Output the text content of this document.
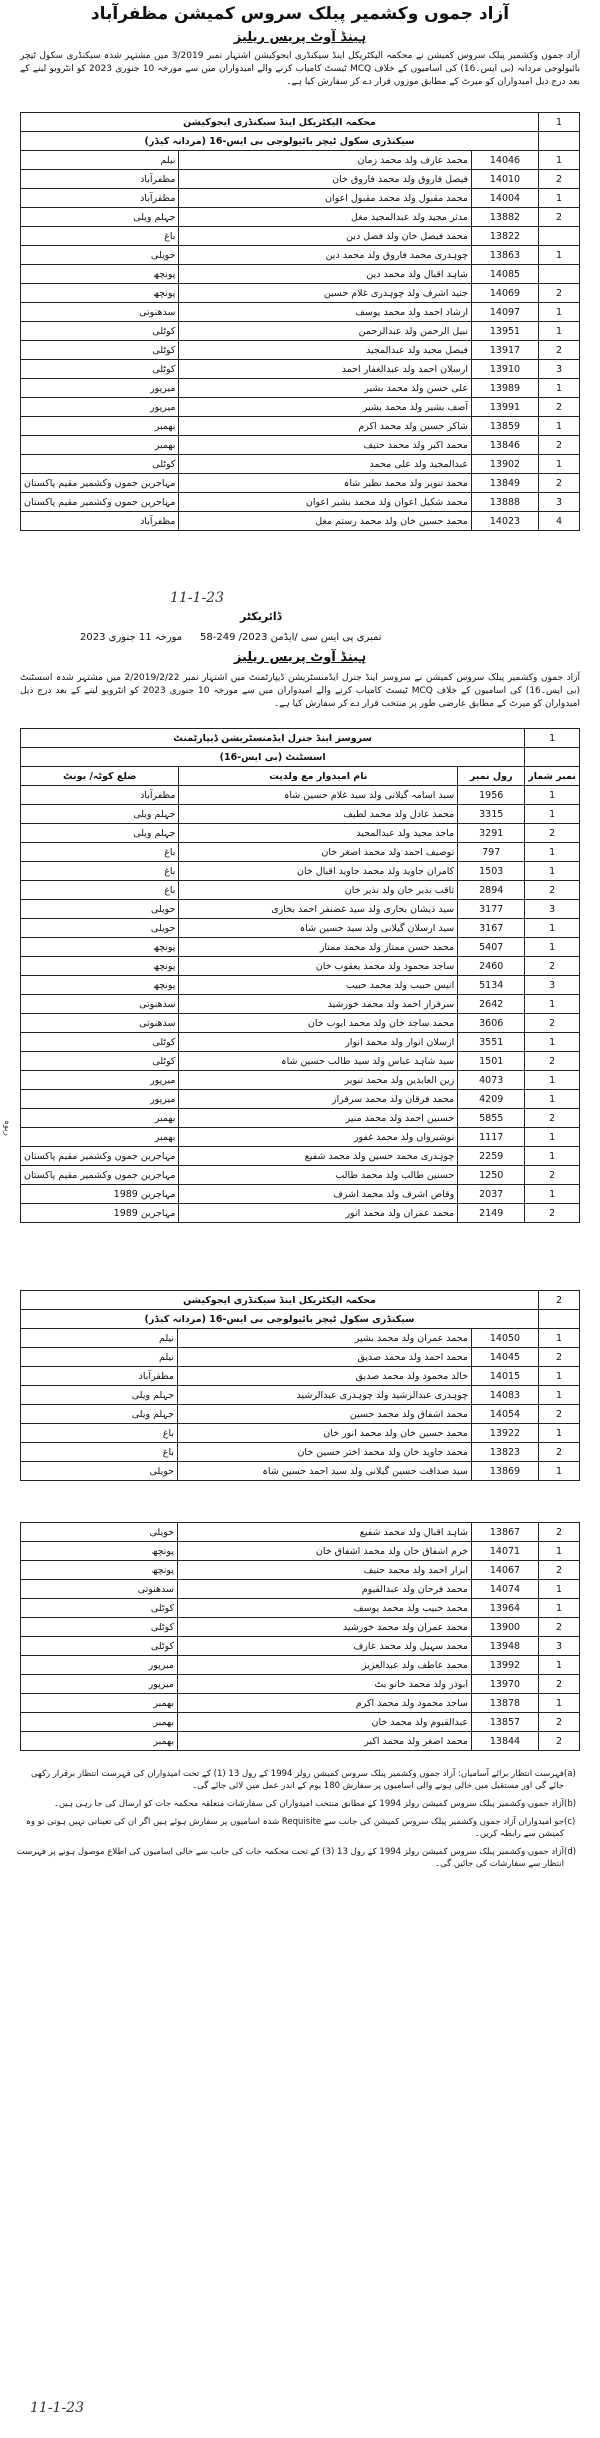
آزاد جموں وکشمیر پبلک سروس کمیشن مظفرآباد
ہینڈ آوٹ پریس ریلیز
آزاد جموں وکشمیر پبلک سروس کمیشن نے محکمہ الیکٹریکل اینڈ سیکنڈری ایجوکیشن اشتہار نمبر 3/2019 میں مشتہر شدہ سیکنڈری سکول ٹیچر بائیولوجی مردانہ (بی ایس۔16) کی اسامیوں کے خلاف MCQ ٹیسٹ کامیاب کرنے والے امیدواران میں سے مورخہ 10 جنوری 2023 کو انٹرویو لینے کے بعد درج ذیل امیدواران کو میرٹ کے مطابق موزوں قرار دے کر سفارش کیا ہے۔
محکمہ الیکٹریکل اینڈ سیکنڈری ایجوکیشن			1
سیکنڈری سکول ٹیچر بائیولوجی بی ایس-16 (مردانہ کیڈر)			
نیلم	محمد عارف ولد محمد زمان	14046	1
مظفرآباد	فیصل فاروق ولد محمد فاروق خان	14010	2
مظفرآباد	محمد مقبول ولد محمد مقبول اعوان	14004	1
جہلم ویلی	مدثر مجید ولد عبدالمجید مغل	13882	2
باغ	محمد فیصل خان ولد فضل دین	13822	
حویلی	چوہدری محمد فاروق ولد محمد دین	13863	1
پونچھ	شاہد اقبال ولد محمد دین	14085	
پونچھ	جنید اشرف ولد چوہدری غلام حسین	14069	2
سدھنوتی	ارشاد احمد ولد محمد یوسف	14097	1
کوٹلی	نبیل الرحمن ولد عبدالرحمن	13951	1
کوٹلی	فیصل مجید ولد عبدالمجید	13917	2
کوٹلی	ارسلان احمد ولد عبدالغفار احمد	13910	3
میرپور	علی حسن ولد محمد بشیر	13989	1
میرپور	آصف بشیر ولد محمد بشیر	13991	2
بھمبر	شاکر حسین ولد محمد اکرم	13859	1
بھمبر	محمد اکبر ولد محمد حنیف	13846	2
کوٹلی	عبدالمجید ولد علی محمد	13902	1
مہاجرین جموں وکشمیر مقیم پاکستان	محمد تنویر ولد محمد نظیر شاہ	13849	2
مہاجرین جموں وکشمیر مقیم پاکستان	محمد شکیل اعوان ولد محمد بشیر اعوان	13888	3
مظفرآباد	محمد حسین خان ولد محمد رستم مغل	14023	4
11-1-23
ڈائریکٹر
نمبری پی ایس سی /ایڈمن 2023/ 249-58
مورخہ 11 جنوری 2023
ہینڈ آوٹ پریس ریلیز
آزاد جموں وکشمیر پبلک سروس کمیشن نے سروسز اینڈ جنرل ایڈمنسٹریشن ڈیپارٹمنٹ میں اشتہار نمبر 2/2019/2/22 میں مشتہر شدہ اسسٹنٹ (بی ایس۔16) کی اسامیوں کے خلاف MCQ ٹیسٹ کامیاب کرنے والے امیدواران میں سے مورخہ 10 جنوری 2023 کو انٹرویو لینے کے بعد درج ذیل امیدواران کو میرٹ کے مطابق عارضی طور پر منتخب قرار دے کر سفارش کیا ہے۔
سروسز اینڈ جنرل ایڈمنسٹریشن ڈیپارٹمنٹ			1
اسسٹنٹ (بی ایس-16)			
ضلع کوٹہ/ یونٹ	نام امیدوار مع ولدیت	رول نمبر	نمبر شمار
مظفرآباد	سید اسامہ گیلانی ولد سید غلام حسین شاہ	1956	1
جہلم ویلی	محمد عادل ولد محمد لطیف	3315	1
جہلم ویلی	ماجد مجید ولد عبدالمجید	3291	2
باغ	توصیف احمد ولد محمد اصغر خان	797	1
باغ	کامران جاوید ولد محمد جاوید اقبال خان	1503	1
باغ	ثاقب نذیر خان ولد نذیر خان	2894	2
حویلی	سید ذیشان بخاری ولد سید غضنفر احمد بخاری	3177	3
حویلی	سید ارسلان گیلانی ولد سید حسین شاہ	3167	1
پونچھ	محمد حسن ممتاز ولد محمد ممتاز	5407	1
پونچھ	ساجد محمود ولد محمد یعقوب خان	2460	2
پونچھ	انیس حبیب ولد محمد حبیب	5134	3
سدھنوتی	سرفراز احمد ولد محمد خورشید	2642	1
سدھنوتی	محمد ساجد خان ولد محمد ایوب خان	3606	2
کوٹلی	ارسلان انوار ولد محمد انوار	3551	1
کوٹلی	سید شاہد عباس ولد سید طالب حسین شاہ	1501	2
میرپور	زین العابدین ولد محمد تنویر	4073	1
میرپور	محمد فرقان ولد محمد سرفراز	4209	1
بھمبر	حسنین احمد ولد محمد منیر	5855	2
بھمبر	نوشیرواں ولد محمد غفور	1117	1
مہاجرین جموں وکشمیر مقیم پاکستان	چوہدری محمد حسین ولد محمد شفیع	2259	1
مہاجرین جموں وکشمیر مقیم پاکستان	حسنین طالب ولد محمد طالب	1250	2
مہاجرین 1989	وقاص اشرف ولد محمد اشرف	2037	1
مہاجرین 1989	محمد عمران ولد محمد انور	2149	2
محکمہ الیکٹریکل اینڈ سیکنڈری ایجوکیشن			2
سیکنڈری سکول ٹیچر بائیولوجی بی ایس-16 (مردانہ کیڈر)			
نیلم	محمد عمران ولد محمد بشیر	14050	1
نیلم	محمد احمد ولد محمد صدیق	14045	2
مظفرآباد	خالد محمود ولد محمد صدیق	14015	1
جہلم ویلی	چوہدری عبدالرشید ولد چوہدری عبدالرشید	14083	1
جہلم ویلی	محمد اشفاق ولد محمد حسین	14054	2
باغ	محمد حسین خان ولد محمد انور خان	13922	1
باغ	محمد جاوید خان ولد محمد اختر حسین خان	13823	2
حویلی	سید صداقت حسین گیلانی ولد سید احمد حسین شاہ	13869	1
حویلی	شاہد اقبال ولد محمد شفیع	13867	2
پونچھ	خرم اشفاق خان ولد محمد اشفاق خان	14071	1
پونچھ	ابرار احمد ولد محمد حنیف	14067	2
سدھنوتی	محمد فرحان ولد عبدالقیوم	14074	1
کوٹلی	محمد حبیب ولد محمد یوسف	13964	1
کوٹلی	محمد عمران ولد محمد خورشید	13900	2
کوٹلی	محمد سہیل ولد محمد عارف	13948	3
میرپور	محمد عاطف ولد عبدالعزیز	13992	1
میرپور	ابوذر ولد محمد خانو بٹ	13970	2
بھمبر	ساجد محمود ولد محمد اکرم	13878	1
بھمبر	عبدالقیوم ولد محمد خان	13857	2
بھمبر	محمد اصغر ولد محمد اکبر	13844	2
فہرست انتظار برائے آسامیاں: آزاد جموں وکشمیر پبلک سروس کمیشن رولز 1994 کے رول 13 (1) کے تحت امیدواران کی فہرست انتظار برقرار رکھی جائے گی اور مستقبل میں خالی ہونے والی اسامیوں پر سفارش 180 یوم کے اندر عمل میں لائی جائے گی۔
(a)
آزاد جموں وکشمیر پبلک سروس کمیشن رولز 1994 کے مطابق منتخب امیدواران کی سفارشات متعلقہ محکمہ جات کو ارسال کی جا رہی ہیں۔ (b)
جو امیدواران آزاد جموں وکشمیر پبلک سروس کمیشن کی جانب سے Requisite شدہ اسامیوں پر سفارش ہوئے ہیں اگر ان کی تعیناتی نہیں ہوتی تو وہ کمیشن سے رابطہ کریں۔
(c)
آزاد جموں وکشمیر پبلک سروس کمیشن رولز 1994 کے رول 13 (3) کے تحت محکمہ جات کی جانب سے خالی اسامیوں کی اطلاع موصول ہونے پر فہرست انتظار سے سفارشات کی جائیں گی۔
(d)
ربوہ
11-1-23
